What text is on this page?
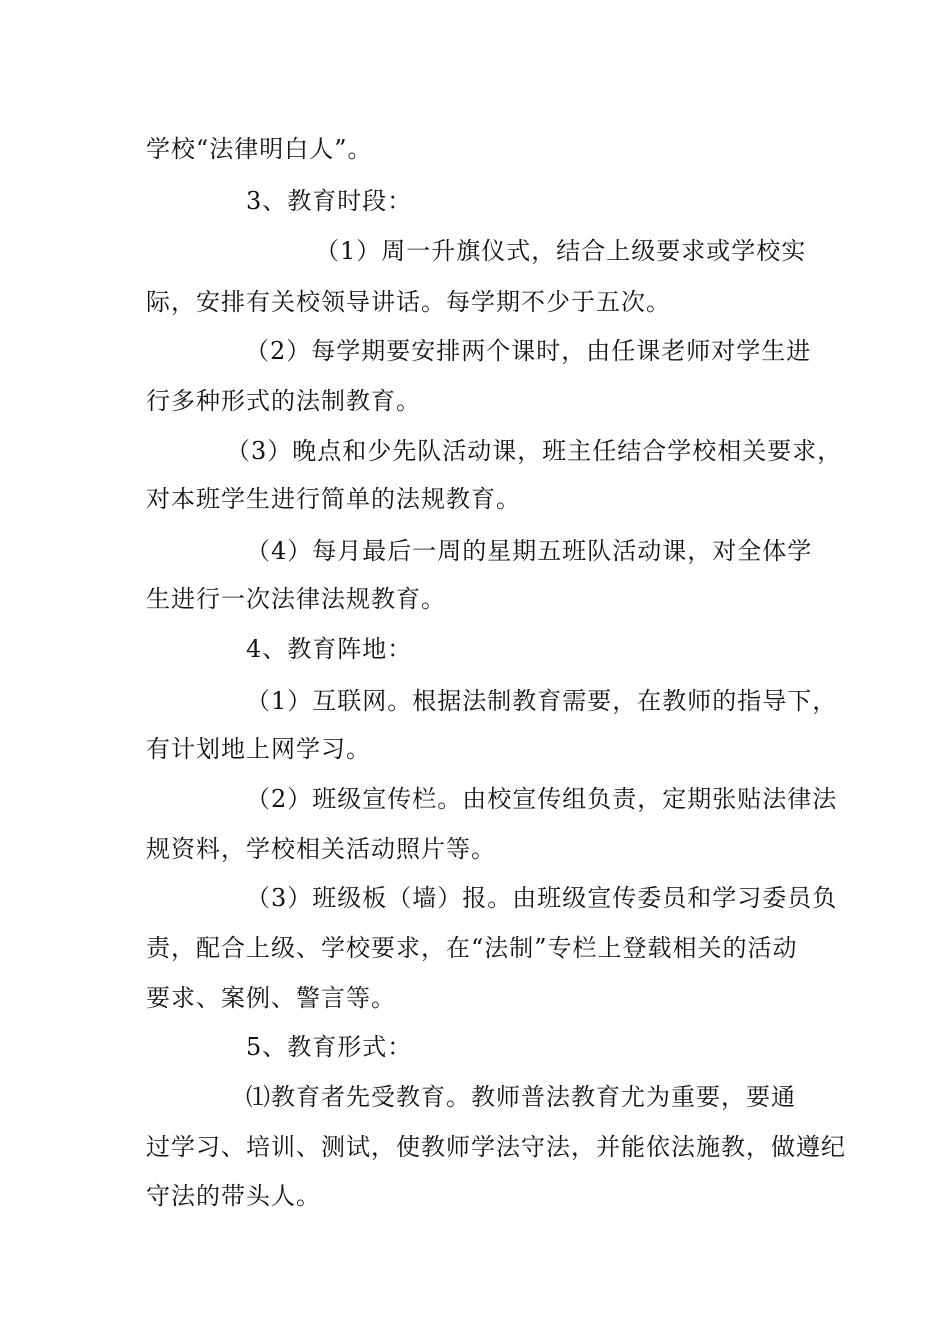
学校“法律明白人”。
3、教育时段：
（1）周一升旗仪式，结合上级要求或学校实
际，安排有关校领导讲话。每学期不少于五次。
（2）每学期要安排两个课时，由任课老师对学生进
行多种形式的法制教育。
（3）晚点和少先队活动课，班主任结合学校相关要求，
对本班学生进行简单的法规教育。
（4）每月最后一周的星期五班队活动课，对全体学
生进行一次法律法规教育。
4、教育阵地：
（1）互联网。根据法制教育需要，在教师的指导下，
有计划地上网学习。
（2）班级宣传栏。由校宣传组负责，定期张贴法律法
规资料，学校相关活动照片等。
（3）班级板（墙）报。由班级宣传委员和学习委员负
责，配合上级、学校要求，在“法制”专栏上登载相关的活动
要求、案例、警言等。
5、教育形式：
⑴教育者先受教育。教师普法教育尤为重要，要通
过学习、培训、测试，使教师学法守法，并能依法施教，做遵纪
守法的带头人。
